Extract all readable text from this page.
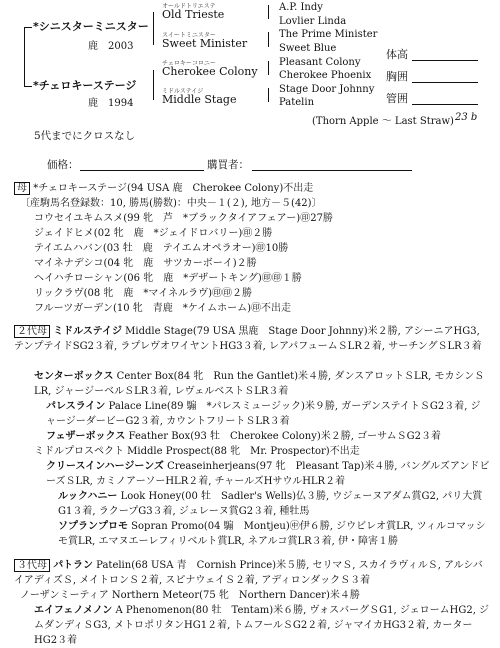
*シニスターミニスター
鹿　2003
*チェロキーステージ
鹿　1994
オールドトリエステ
Old Trieste
スイートミニスター
Sweet Minister
チェロキーコロニー
Cherokee Colony
ミドルステイジ
Middle Stage
A.P. Indy
Lovlier Linda
The Prime Minister
Sweet Blue
Pleasant Colony
Cherokee Phoenix
Stage Door Johnny
Patelin
体高
胸囲
管囲
(Thorn Apple ～ Last Straw) 23 b
5代までにクロスなし
価格：	購買者：
母 *チェロキーステージ(94 USA 鹿　Cherokee Colony)不出走
〔産駒馬名登録数：10, 勝馬(勝数)：中央－１(２), 地方－５(42)〕
コウセイユキムスメ(99 牝　芦　*ブラックタイアフェアー)㊞27勝
ジェイドヒメ(02 牝　鹿　*ジェイドロバリー)㊞２勝
テイエムハバン(03 牡　鹿　テイエムオペラオー)㊞10勝
マイネナデシコ(04 牝　鹿　サツカーボーイ)２勝
ヘイハチローシャン(06 牝　鹿　*デザートキング)㊞㊞１勝
リックラヴ(08 牝　鹿　*マイネルラヴ)㊞㊞２勝
フルーツガーデン(10 牝　青鹿　*ケイムホーム)㊞不出走
２代母 ミドルステイジ Middle Stage(79 USA 黒鹿　Stage Door Johnny)米２勝, アシーニアHG3, テンプテイドSG2３着, ラプレヴオワイヤントHG3３着, レアパフュームＳLR２着, サーチングＳLR３着
センターボックス Center Box(84 牝　Run the Gantlet)米４勝, ダンスアロットＳLR, モカシンＳLR, ジャージーベルＳLR３着, レヴェルベストＳLR３着
パレスライン Palace Line(89 騸　*パレスミュージック)米９勝, ガーデンステイトＳG2３着, ジャージーダービーG2３着, カウントフリートＳLR３着
フェザーボックス Feather Box(93 牡　Cherokee Colony)米２勝, ゴーサムＳG2３着
ミドルプロスペクト Middle Prospect(88 牝　Mr. Prospector)不出走
クリースインハージーンズ Creaseinherjeans(97 牝　Pleasant Tap)米４勝, バングルズアンドビーズＳLR, カミノアーソーHLR２着, チャールズHサウルHLR２着
ルックハニー Look Honey(00 牡　Sadler's Wells)仏３勝, ウジェーヌアダム賞G2, パリ大賞G1３着, ラクープG3３着, ジュレーヌ賞G2３着, 種牡馬
ソプランプロモ Sopran Promo(04 騸　Montjeu)㊥伊６勝, ジウビレオ賞LR, ツィルコマッシモ賞LR, エマヌエーレフィリベルト賞LR, ネアルコ賞LR３着, 伊・障害１勝
３代母 パトラン Patelin(68 USA 青　Cornish Prince)米５勝, セリマＳ, スカイラヴィルＳ, アルシバイアディズＳ, メイトロンＳ２着, スピナウェイＳ２着, アディロンダックＳ３着
ノーザンミーティア Northern Meteor(75 牝　Northern Dancer)米４勝
エイフェノメノン A Phenomenon(80 牡　Tentam)米６勝, ヴォスバーグＳG1, ジェロームHG2, ジムダンディＳG3, メトロポリタンHG1２着, トムフールＳG2２着, ジャマイカHG3２着, カーターHG2３着
